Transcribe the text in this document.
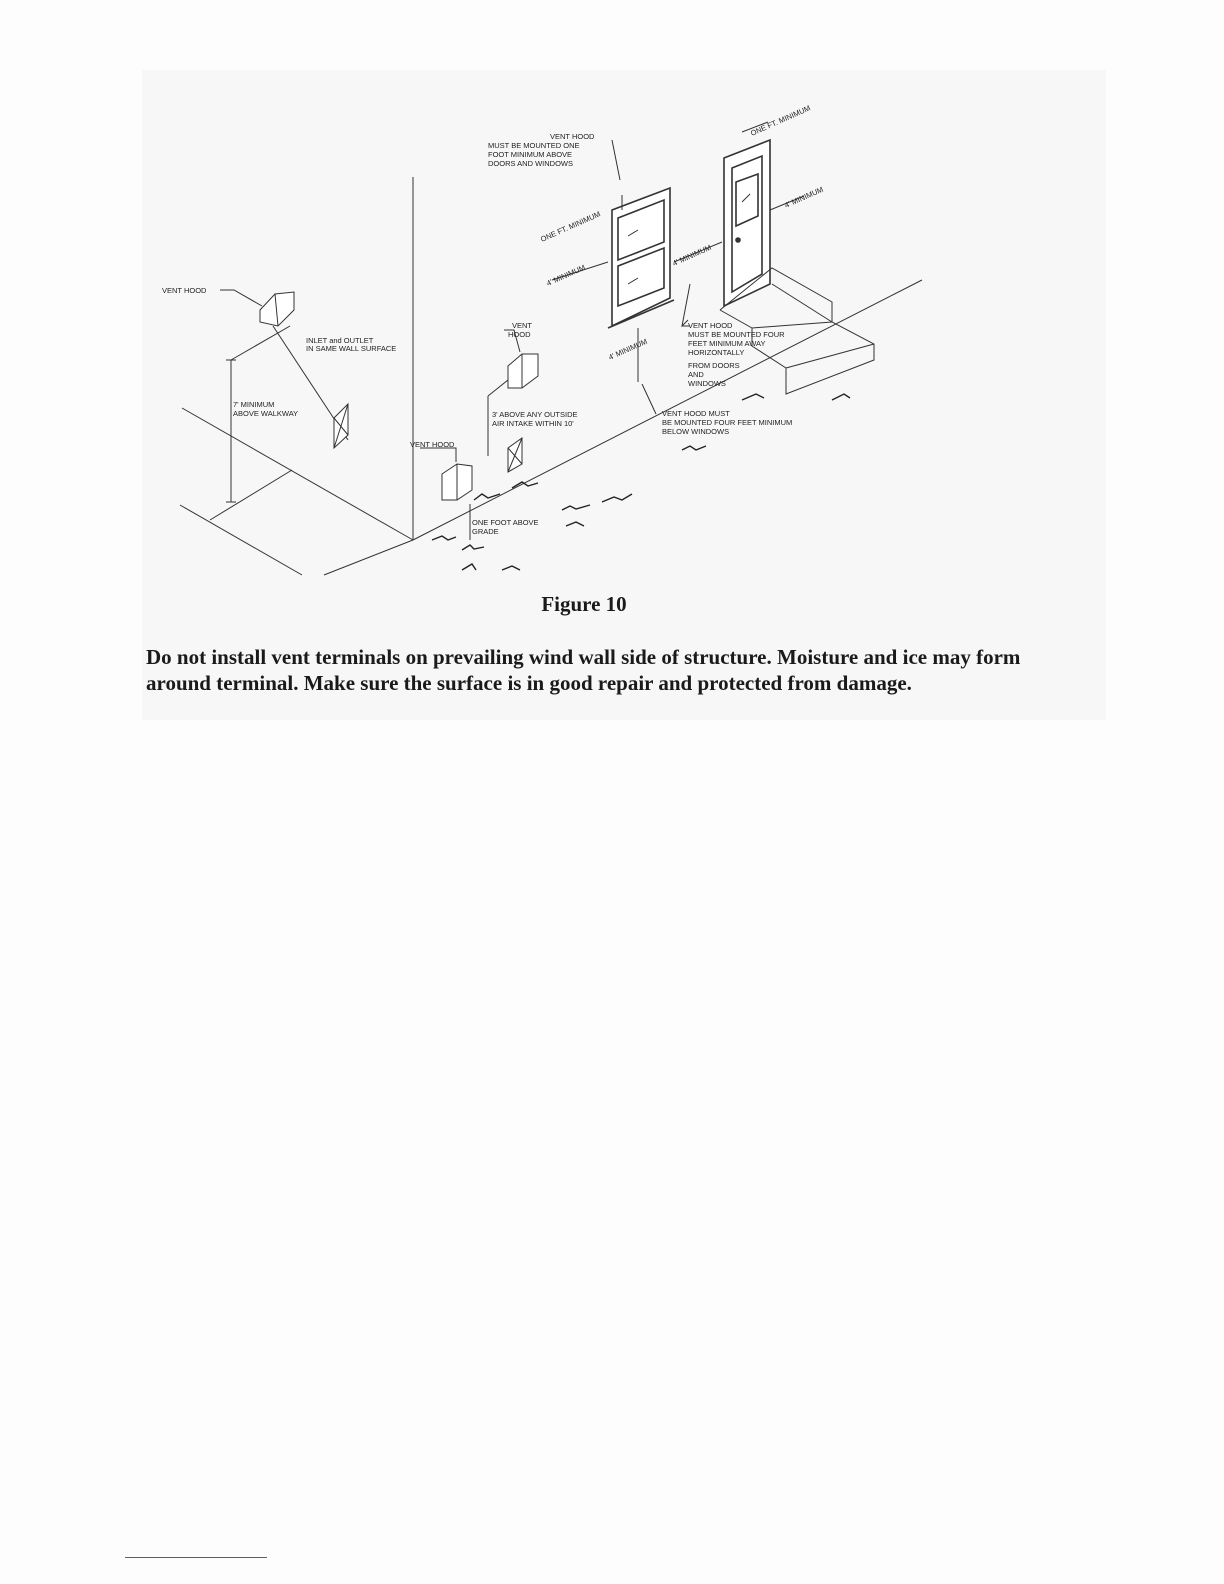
VENT HOOD
INLET and OUTLET
IN SAME WALL SURFACE
7' MINIMUM
ABOVE WALKWAY
VENT HOOD
VENT
HOOD
3' ABOVE ANY OUTSIDE
AIR INTAKE WITHIN 10'
ONE FOOT ABOVE
GRADE
VENT HOOD
MUST BE MOUNTED ONE
FOOT MINIMUM ABOVE
DOORS AND WINDOWS
ONE FT. MINIMUM
4' MINIMUM
4' MINIMUM
4' MINIMUM
ONE FT. MINIMUM
4' MINIMUM
VENT HOOD
MUST BE MOUNTED FOUR
FEET MINIMUM AWAY
HORIZONTALLY
FROM DOORS
AND
WINDOWS
VENT HOOD MUST
BE MOUNTED FOUR FEET MINIMUM
BELOW WINDOWS
Figure 10

Do not install vent terminals on prevailing wind wall side of structure. Moisture and ice may form around terminal. Make sure the surface is in good repair and protected from damage.
